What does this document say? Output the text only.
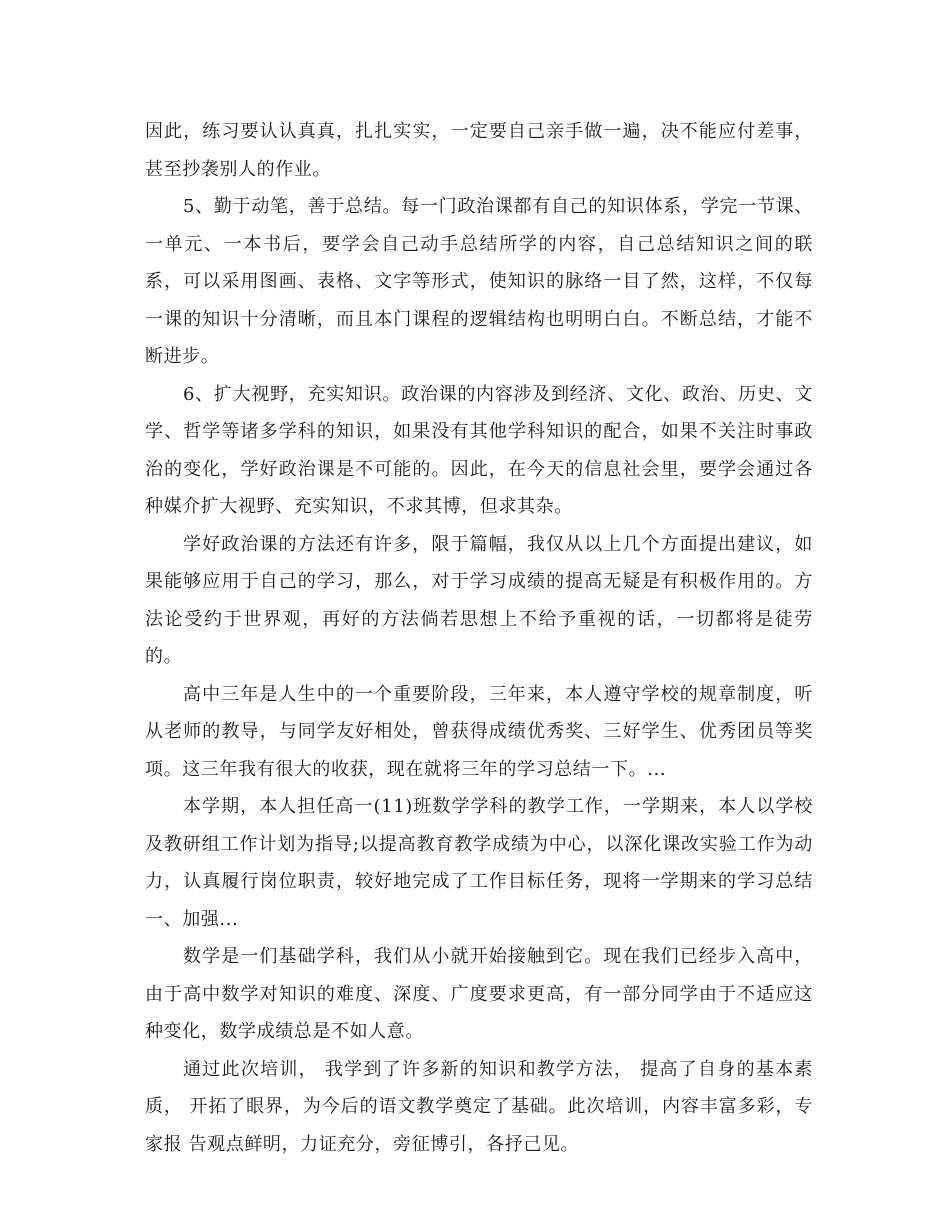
因此，练习要认认真真，扎扎实实，一定要自己亲手做一遍，决不能应付差事，甚至抄袭别人的作业。

5、勤于动笔，善于总结。每一门政治课都有自己的知识体系，学完一节课、一单元、一本书后，要学会自己动手总结所学的内容，自己总结知识之间的联系，可以采用图画、表格、文字等形式，使知识的脉络一目了然，这样，不仅每一课的知识十分清晰，而且本门课程的逻辑结构也明明白白。不断总结，才能不断进步。

6、扩大视野，充实知识。政治课的内容涉及到经济、文化、政治、历史、文学、哲学等诸多学科的知识，如果没有其他学科知识的配合，如果不关注时事政治的变化，学好政治课是不可能的。因此，在今天的信息社会里，要学会通过各种媒介扩大视野、充实知识，不求其博，但求其杂。

学好政治课的方法还有许多，限于篇幅，我仅从以上几个方面提出建议，如果能够应用于自己的学习，那么，对于学习成绩的提高无疑是有积极作用的。方法论受约于世界观，再好的方法倘若思想上不给予重视的话，一切都将是徒劳的。

高中三年是人生中的一个重要阶段，三年来，本人遵守学校的规章制度，听从老师的教导，与同学友好相处，曾获得成绩优秀奖、三好学生、优秀团员等奖项。这三年我有很大的收获，现在就将三年的学习总结一下。...

本学期，本人担任高一(11)班数学学科的教学工作，一学期来，本人以学校及教研组工作计划为指导;以提高教育教学成绩为中心，以深化课改实验工作为动力，认真履行岗位职责，较好地完成了工作目标任务，现将一学期来的学习总结一、加强...

数学是一们基础学科，我们从小就开始接触到它。现在我们已经步入高中，由于高中数学对知识的难度、深度、广度要求更高，有一部分同学由于不适应这种变化，数学成绩总是不如人意。

通过此次培训， 我学到了许多新的知识和教学方法， 提高了自身的基本素质， 开拓了眼界，为今后的语文教学奠定了基础。此次培训，内容丰富多彩，专家报 告观点鲜明，力证充分，旁征博引，各抒己见。
